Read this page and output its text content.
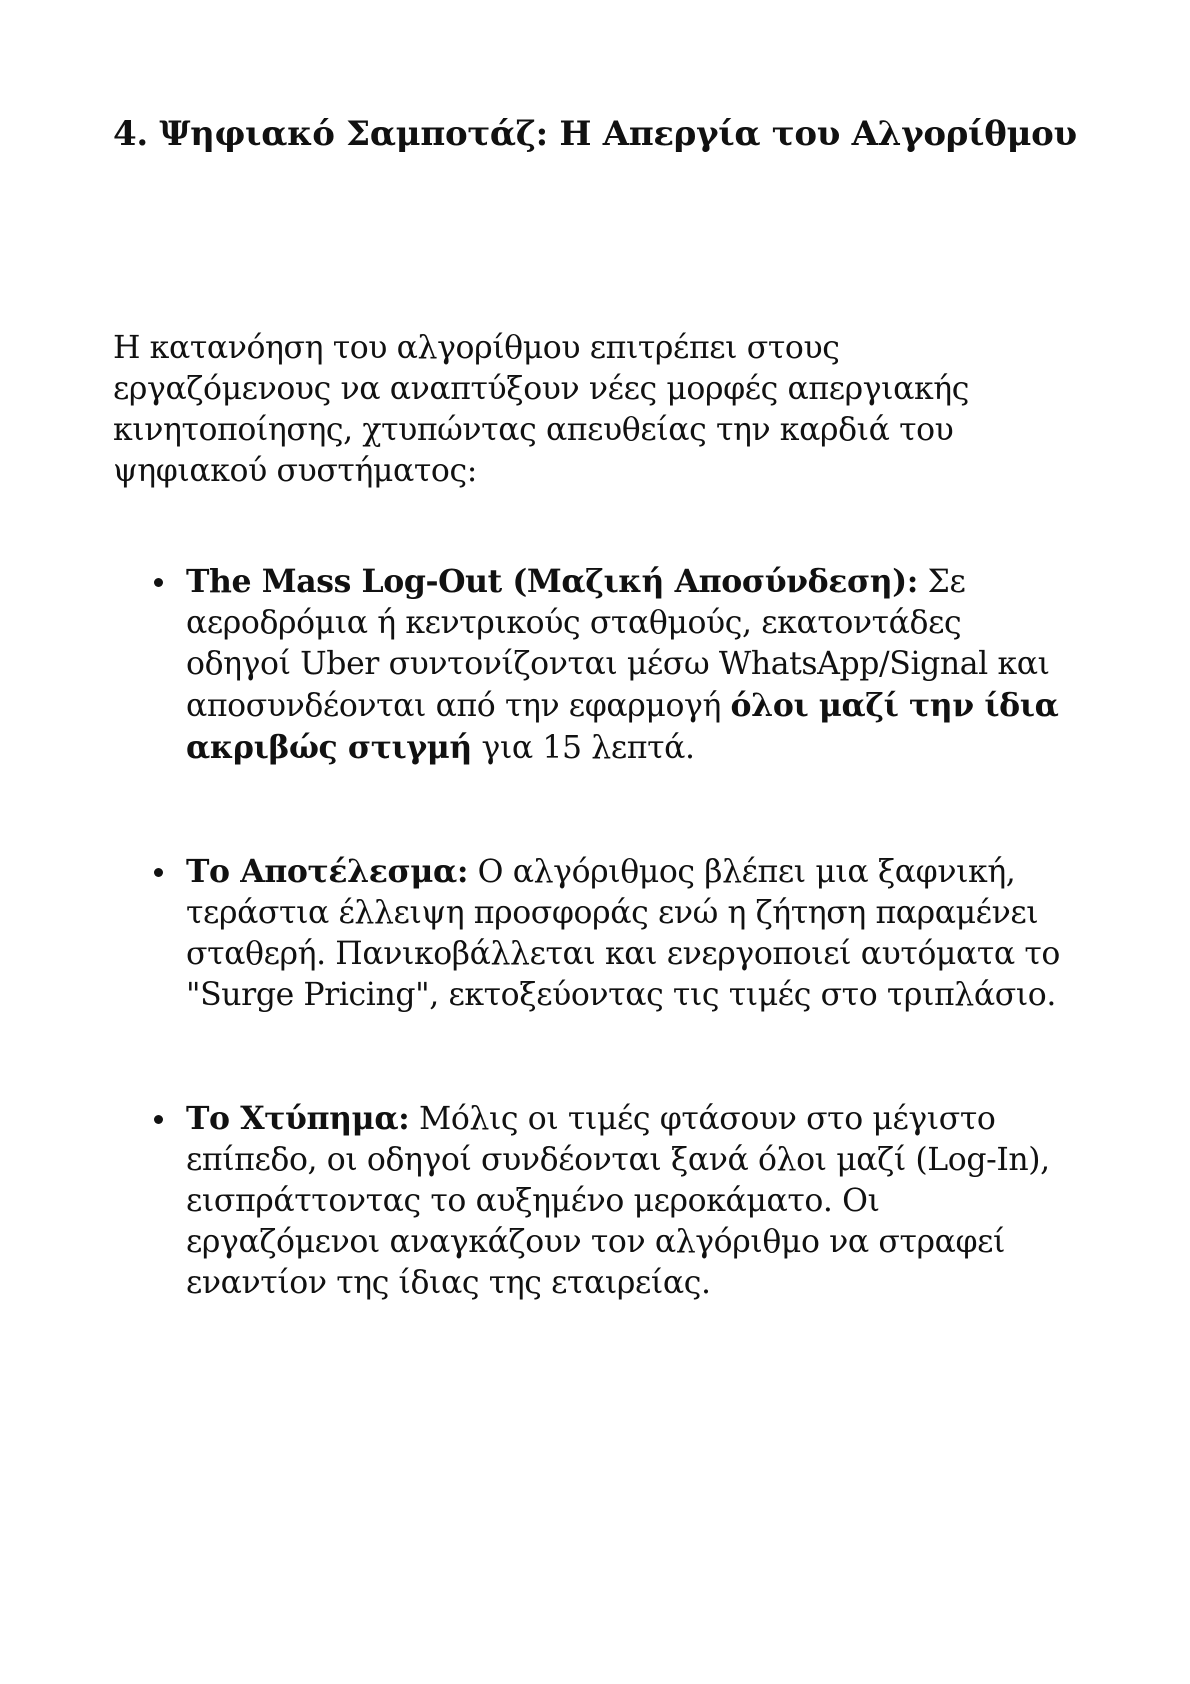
4. Ψηφιακό Σαμποτάζ: Η Απεργία του Αλγορίθμου

Η κατανόηση του αλγορίθμου επιτρέπει στους
εργαζόμενους να αναπτύξουν νέες μορφές απεργιακής
κινητοποίησης, χτυπώντας απευθείας την καρδιά του
ψηφιακού συστήματος:

The Mass Log-Out (Μαζική Αποσύνδεση): Σε
αεροδρόμια ή κεντρικούς σταθμούς, εκατοντάδες
οδηγοί Uber συντονίζονται μέσω WhatsApp/Signal και
αποσυνδέονται από την εφαρμογή όλοι μαζί την ίδια
ακριβώς στιγμή για 15 λεπτά.
Το Αποτέλεσμα: Ο αλγόριθμος βλέπει μια ξαφνική,
τεράστια έλλειψη προσφοράς ενώ η ζήτηση παραμένει
σταθερή. Πανικοβάλλεται και ενεργοποιεί αυτόματα το
"Surge Pricing", εκτοξεύοντας τις τιμές στο τριπλάσιο.
Το Χτύπημα: Μόλις οι τιμές φτάσουν στο μέγιστο
επίπεδο, οι οδηγοί συνδέονται ξανά όλοι μαζί (Log-In),
εισπράττοντας το αυξημένο μεροκάματο. Οι
εργαζόμενοι αναγκάζουν τον αλγόριθμο να στραφεί
εναντίον της ίδιας της εταιρείας.
